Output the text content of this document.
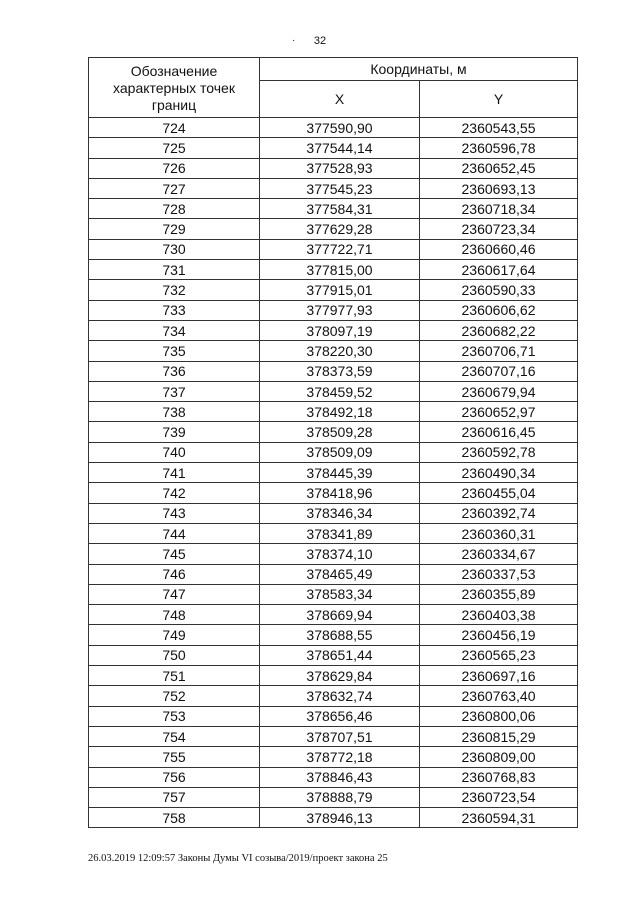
·	32
Обозначение характерных точек границ	Координаты, м	
	X	Y
724	377590,90	2360543,55
725	377544,14	2360596,78
726	377528,93	2360652,45
727	377545,23	2360693,13
728	377584,31	2360718,34
729	377629,28	2360723,34
730	377722,71	2360660,46
731	377815,00	2360617,64
732	377915,01	2360590,33
733	377977,93	2360606,62
734	378097,19	2360682,22
735	378220,30	2360706,71
736	378373,59	2360707,16
737	378459,52	2360679,94
738	378492,18	2360652,97
739	378509,28	2360616,45
740	378509,09	2360592,78
741	378445,39	2360490,34
742	378418,96	2360455,04
743	378346,34	2360392,74
744	378341,89	2360360,31
745	378374,10	2360334,67
746	378465,49	2360337,53
747	378583,34	2360355,89
748	378669,94	2360403,38
749	378688,55	2360456,19
750	378651,44	2360565,23
751	378629,84	2360697,16
752	378632,74	2360763,40
753	378656,46	2360800,06
754	378707,51	2360815,29
755	378772,18	2360809,00
756	378846,43	2360768,83
757	378888,79	2360723,54
758	378946,13	2360594,31
26.03.2019 12:09:57 Законы Думы VI созыва/2019/проект закона 25
